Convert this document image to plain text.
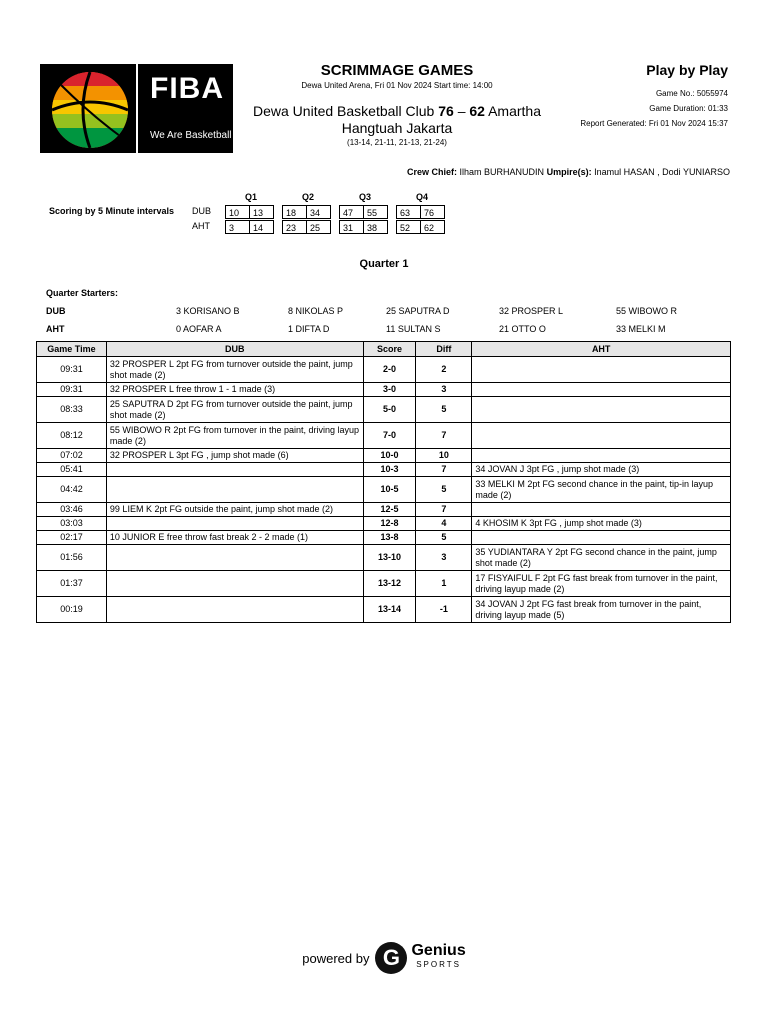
FIBA
We Are Basketball
SCRIMMAGE GAMES
Dewa United Arena, Fri 01 Nov 2024 Start time: 14:00
Dewa United Basketball Club 76 – 62 Amartha Hangtuah Jakarta
(13-14, 21-11, 21-13, 21-24)
Play by Play
Game No.: 5055974
Game Duration: 01:33
Report Generated: Fri 01 Nov 2024 15:37
Crew Chief: Ilham BURHANUDIN Umpire(s): Inamul HASAN , Dodi YUNIARSO
Scoring by 5 Minute intervals
Q1	Q2	Q3	Q4
DUB
AHT
10	13	18	34	47	55	63	76
3	14	23	25	31	38	52	62
Quarter 1
Quarter Starters:
DUB	3 KORISANO B	8 NIKOLAS P	25 SAPUTRA D	32 PROSPER L	55 WIBOWO R
AHT	0 AOFAR A	1 DIFTA D	11 SULTAN S	21 OTTO O	33 MELKI M
Game Time	DUB	Score	Diff	AHT
09:31	32 PROSPER L 2pt FG from turnover outside the paint, jump shot made (2)	2-0	2	
09:31	32 PROSPER L free throw 1 - 1 made (3)	3-0	3	
08:33	25 SAPUTRA D 2pt FG from turnover outside the paint, jump shot made (2)	5-0	5	
08:12	55 WIBOWO R 2pt FG from turnover in the paint, driving layup made (2)	7-0	7	
07:02	32 PROSPER L 3pt FG , jump shot made (6)	10-0	10	
05:41		10-3	7	34 JOVAN J 3pt FG , jump shot made (3)
04:42		10-5	5	33 MELKI M 2pt FG second chance in the paint, tip-in layup made (2)
03:46	99 LIEM K 2pt FG outside the paint, jump shot made (2)	12-5	7	
03:03		12-8	4	4 KHOSIM K 3pt FG , jump shot made (3)
02:17	10 JUNIOR E free throw fast break 2 - 2 made (1)	13-8	5	
01:56		13-10	3	35 YUDIANTARA Y 2pt FG second chance in the paint, jump shot made (2)
01:37		13-12	1	17 FISYAIFUL F 2pt FG fast break from turnover in the paint, driving layup made (2)
00:19		13-14	-1	34 JOVAN J 2pt FG fast break from turnover in the paint, driving layup made (5)
powered by G Genius
SPORTS
